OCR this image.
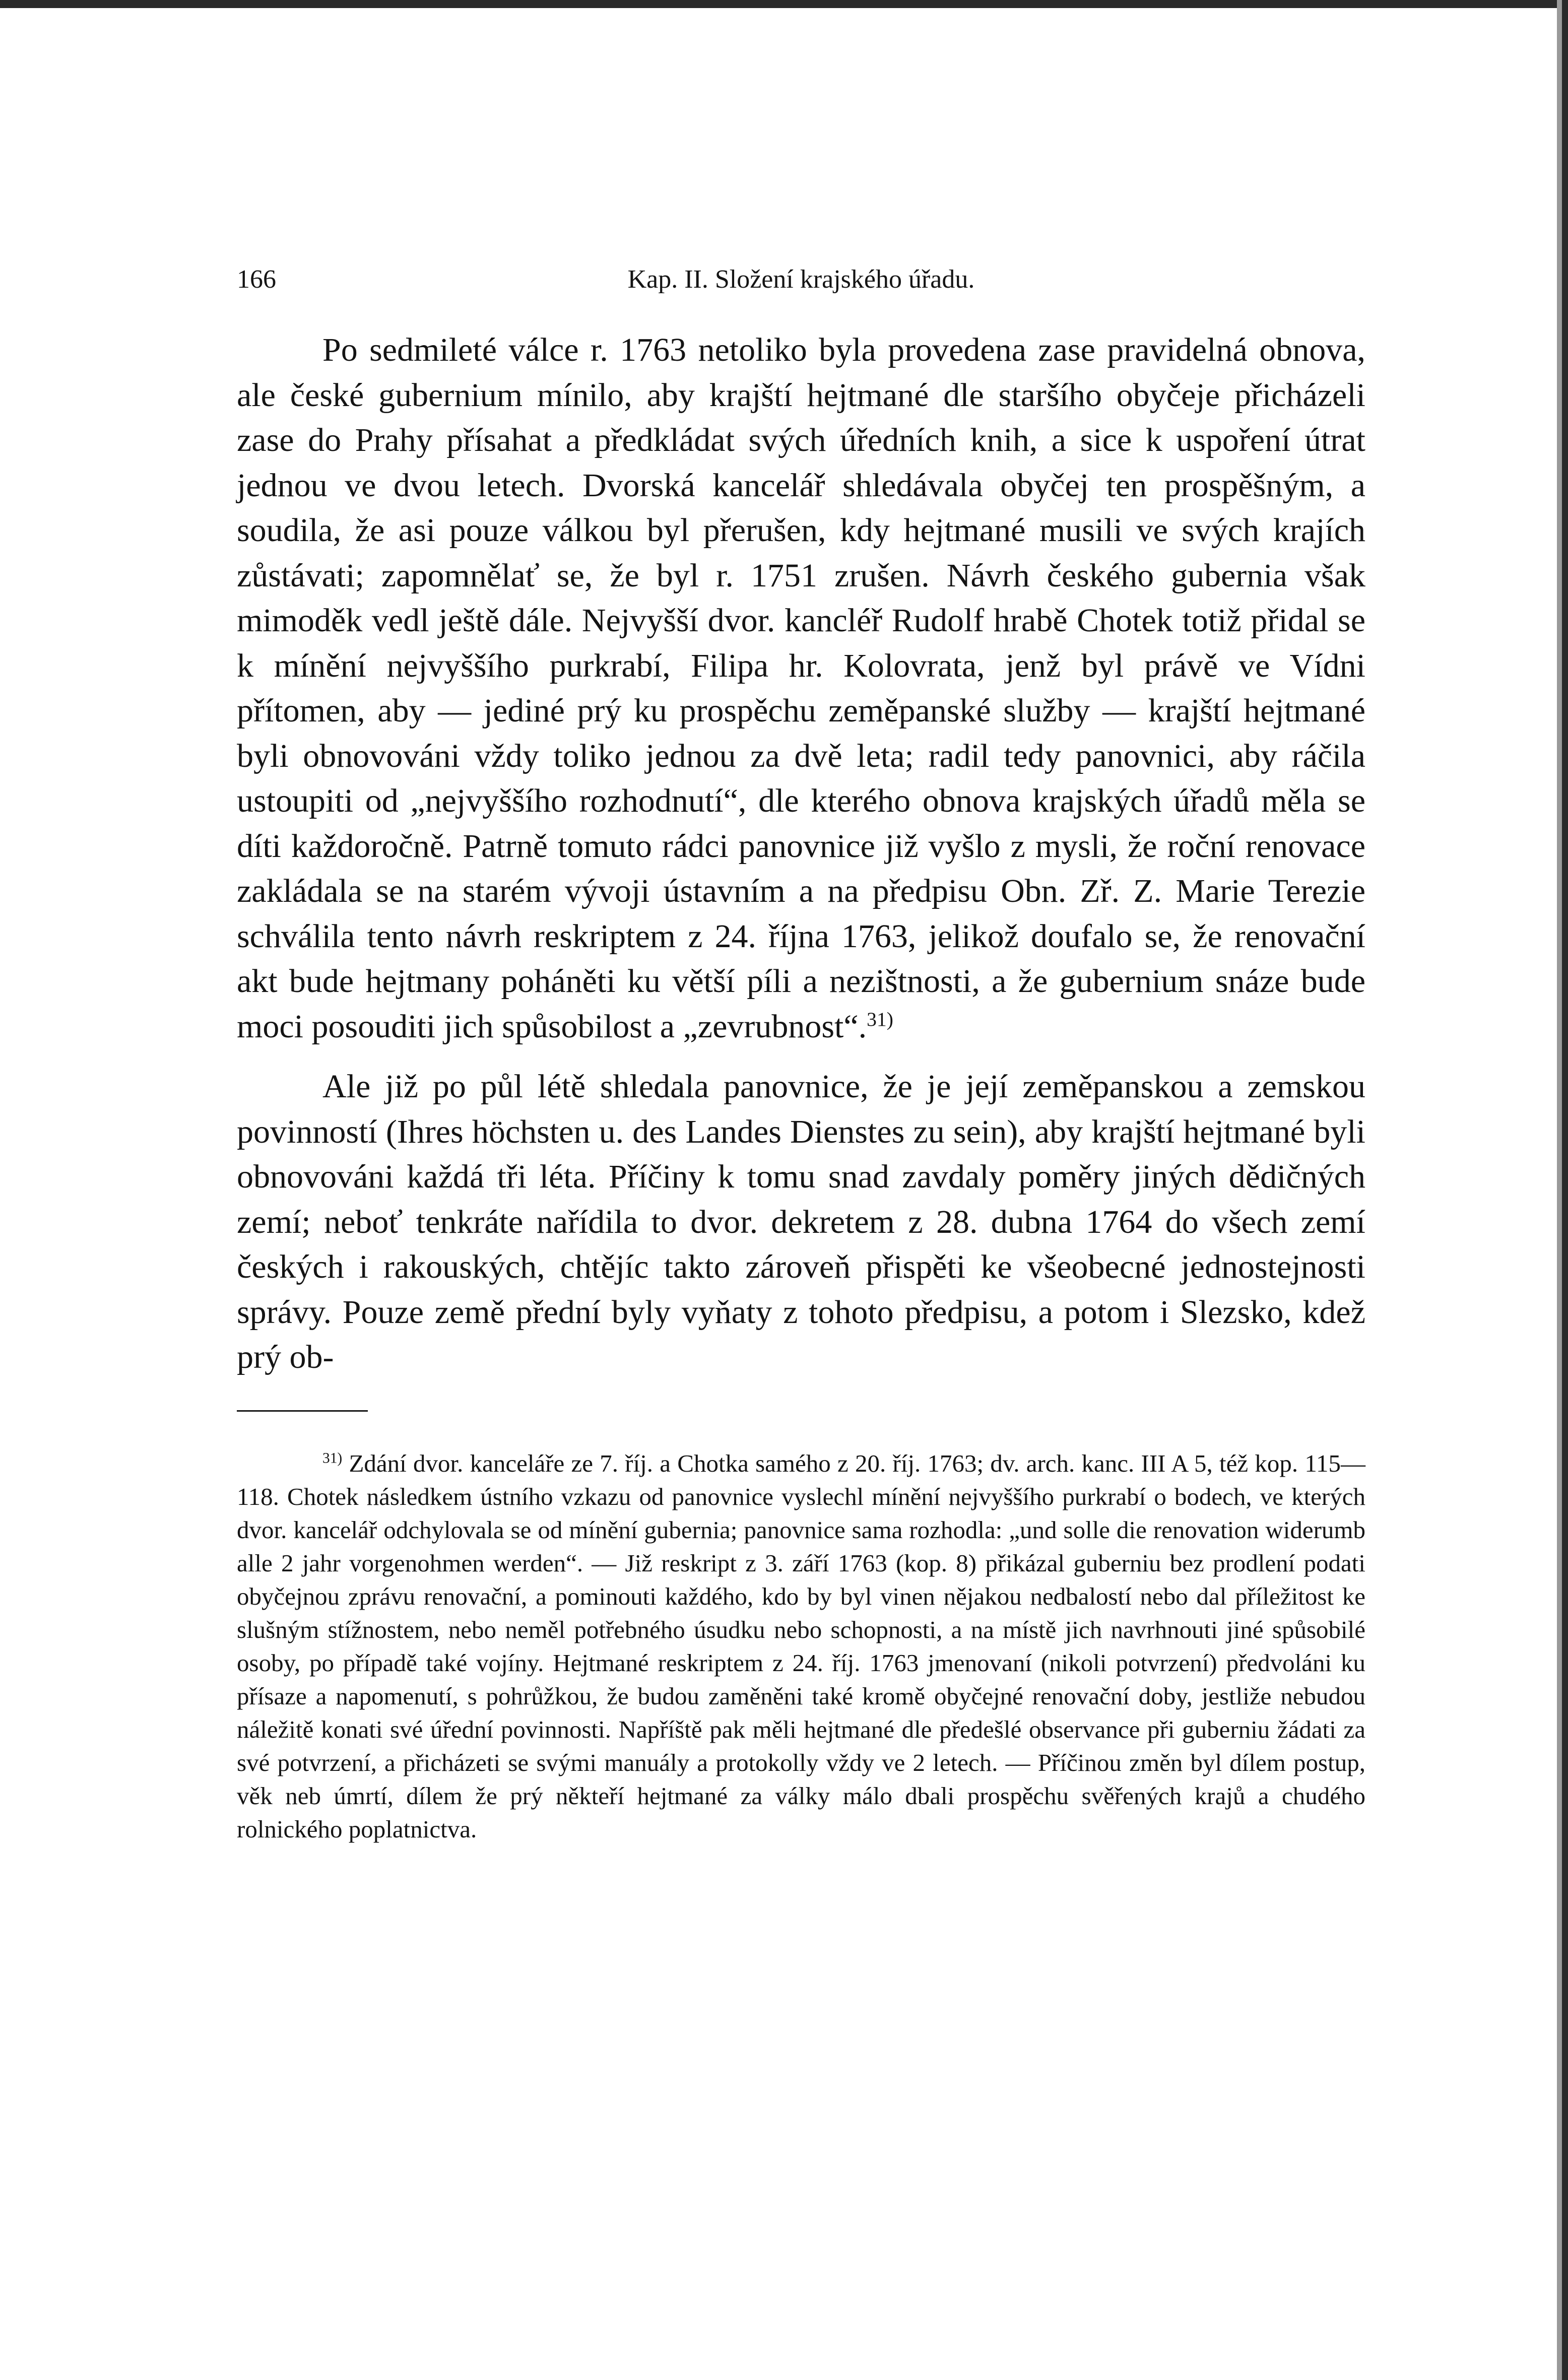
166	Kap. II. Složení krajského úřadu.

Po sedmileté válce r. 1763 netoliko byla provedena zase pravidelná obnova, ale české gubernium mínilo, aby krajští hejtmané dle staršího obyčeje přicházeli zase do Prahy přísahat a předkládat svých úředních knih, a sice k uspoření útrat jednou ve dvou letech. Dvorská kancelář shledávala obyčej ten prospěšným, a soudila, že asi pouze válkou byl přerušen, kdy hejtmané musili ve svých krajích zůstávati; zapomnělať se, že byl r. 1751 zrušen. Návrh českého gubernia však mimoděk vedl ještě dále. Nejvyšší dvor. kancléř Rudolf hrabě Chotek totiž přidal se k mínění nejvyššího purkrabí, Filipa hr. Kolovrata, jenž byl právě ve Vídni přítomen, aby — jediné prý ku prospěchu zeměpanské služby — krajští hejtmané byli obnovováni vždy toliko jednou za dvě leta; radil tedy panovnici, aby ráčila ustoupiti od „nejvyššího rozhodnutí“, dle kterého obnova krajských úřadů měla se díti každoročně. Patrně tomuto rádci panovnice již vyšlo z mysli, že roční renovace zakládala se na starém vývoji ústavním a na předpisu Obn. Zř. Z. Marie Terezie schválila tento návrh reskriptem z 24. října 1763, jelikož doufalo se, že renovační akt bude hejtmany poháněti ku větší píli a nezištnosti, a že gubernium snáze bude moci posouditi jich spůsobilost a „zevrubnost“.$^{31)}$

Ale již po půl létě shledala panovnice, že je její zeměpanskou a zemskou povinností (Ihres höchsten u. des Landes Dienstes zu sein), aby krajští hejtmané byli obnovováni každá tři léta. Příčiny k tomu snad zavdaly poměry jiných dědičných zemí; neboť tenkráte nařídila to dvor. dekretem z 28. dubna 1764 do všech zemí českých i rakouských, chtějíc takto zároveň přispěti ke všeobecné jednostejnosti správy. Pouze země přední byly vyňaty z tohoto předpisu, a potom i Slezsko, kdež prý ob-

$^{31)}$ Zdání dvor. kanceláře ze 7. říj. a Chotka samého z 20. říj. 1763; dv. arch. kanc. III A 5, též kop. 115—118. Chotek následkem ústního vzkazu od panovnice vyslechl mínění nejvyššího purkrabí o bodech, ve kterých dvor. kancelář odchylovala se od mínění gubernia; panovnice sama rozhodla: „und solle die renovation widerumb alle 2 jahr vorgenohmen werden“. — Již reskript z 3. září 1763 (kop. 8) přikázal guberniu bez prodlení podati obyčejnou zprávu renovační, a pominouti každého, kdo by byl vinen nějakou nedbalostí nebo dal příležitost ke slušným stížnostem, nebo neměl potřebného úsudku nebo schopnosti, a na místě jich navrhnouti jiné spůsobilé osoby, po případě také vojíny. Hejtmané reskriptem z 24. říj. 1763 jmenovaní (nikoli potvrzení) předvoláni ku přísaze a napomenutí, s pohrůžkou, že budou zaměněni také kromě obyčejné renovační doby, jestliže nebudou náležitě konati své úřední povinnosti. Napříště pak měli hejtmané dle předešlé observance při guberniu žádati za své potvrzení, a přicházeti se svými manuály a protokolly vždy ve 2 letech. — Příčinou změn byl dílem postup, věk neb úmrtí, dílem že prý někteří hejtmané za války málo dbali prospěchu svěřených krajů a chudého rolnického poplatnictva.
